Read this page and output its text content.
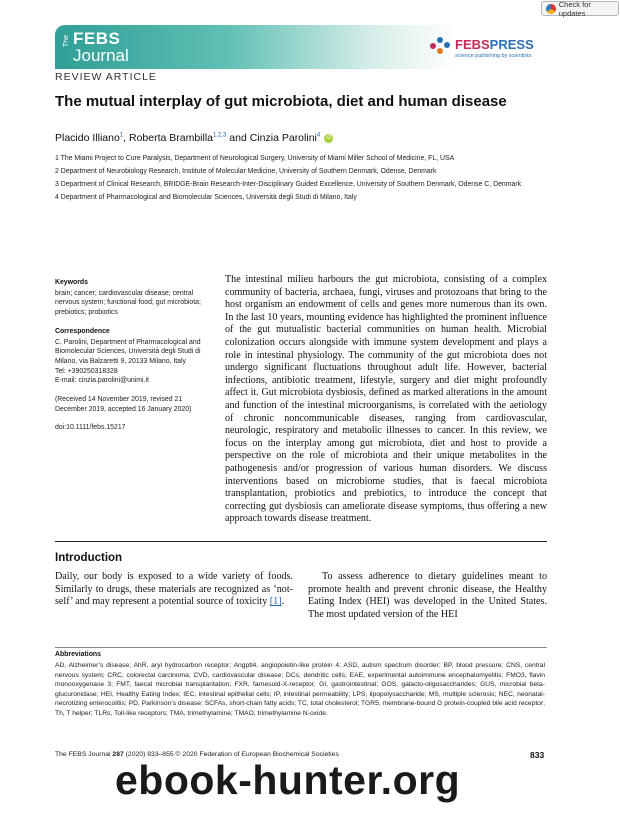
Check for updates
The FEBS
Journal
FEBSPRESS
science publishing by scientists
REVIEW ARTICLE
The mutual interplay of gut microbiota, diet and human disease
Placido Illiano$^1$, Roberta Brambilla$^{1,2,3}$ and Cinzia Parolini$^4$ iD
1 The Miami Project to Cure Paralysis, Department of Neurological Surgery, University of Miami Miller School of Medicine, FL, USA
2 Department of Neurobiology Research, Institute of Molecular Medicine, University of Southern Denmark, Odense, Denmark
3 Department of Clinical Research, BRIDGE-Brain Research-Inter-Disciplinary Guided Excellence, University of Southern Denmark, Odense C, Denmark
4 Department of Pharmacological and Biomolecular Sciences, Università degli Studi di Milano, Italy
Keywords
brain; cancer; cardiovascular disease; central nervous system; functional food; gut microbiota; prebiotics; probiotics
Correspondence
C. Parolini, Department of Pharmacological and Biomolecular Sciences, Università degli Studi di Milano, via Balzaretti 9, 20133 Milano, Italy
Tel: +390250318328
E-mail: cinzia.parolini@unimi.it
(Received 14 November 2019, revised 21 December 2019, accepted 16 January 2020)
doi:10.1111/febs.15217
The intestinal milieu harbours the gut microbiota, consisting of a complex community of bacteria, archaea, fungi, viruses and protozoans that bring to the host organism an endowment of cells and genes more numerous than its own. In the last 10 years, mounting evidence has highlighted the prominent influence of the gut mutualistic bacterial communities on human health. Microbial colonization occurs alongside with immune system development and plays a role in intestinal physiology. The community of the gut microbiota does not undergo significant fluctuations throughout adult life. However, bacterial infections, antibiotic treatment, lifestyle, surgery and diet might profoundly affect it. Gut microbiota dysbiosis, defined as marked alterations in the amount and function of the intestinal microorganisms, is correlated with the aetiology of chronic noncommunicable diseases, ranging from cardiovascular, neurologic, respiratory and metabolic illnesses to cancer. In this review, we focus on the interplay among gut microbiota, diet and host to provide a perspective on the role of microbiota and their unique metabolites in the pathogenesis and/or progression of various human disorders. We discuss interventions based on microbiome studies, that is faecal microbiota transplantation, probiotics and prebiotics, to introduce the concept that correcting gut dysbiosis can ameliorate disease symptoms, thus offering a new approach towards disease treatment.
Introduction
Daily, our body is exposed to a wide variety of foods. Similarly to drugs, these materials are recognized as ‘not-self’ and may represent a potential source of toxicity [1].
To assess adherence to dietary guidelines meant to promote health and prevent chronic disease, the Healthy Eating Index (HEI) was developed in the United States. The most updated version of the HEI
Abbreviations
AD, Alzheimer’s disease; AhR, aryl hydrocarbon receptor; Angptl4, angiopoietin-like protein 4; ASD, autism spectrum disorder; BP, blood pressure; CNS, central nervous system; CRC, colorectal carcinoma; CVD, cardiovascular disease; DCs, dendritic cells; EAE, experimental autoimmune encephalomyelitis; FMO3, flavin monooxygenase 3; FMT, faecal microbial transplantation; FXR, farnesoid-X-receptor; GI, gastrointestinal; GOS, galacto-oligosaccharides; GUS, microbial beta-glucuronidase; HEI, Healthy Eating Index; IEC, intestinal epithelial cells; IP, intestinal permeability; LPS, lipopolysaccharide; MS, multiple sclerosis; NEC, neonatal-necrotizing enterocolitis; PD, Parkinson’s disease; SCFAs, short-chain fatty acids; TC, total cholesterol; TGR5, membrane-bound G protein-coupled bile acid receptor; Th, T helper; TLRs, Toll-like receptors; TMA, trimethylamine; TMAO, trimethylamine N-oxide.
The FEBS Journal 287 (2020) 833–855 © 2020 Federation of European Biochemical Societies	833
ebook-hunter.org
